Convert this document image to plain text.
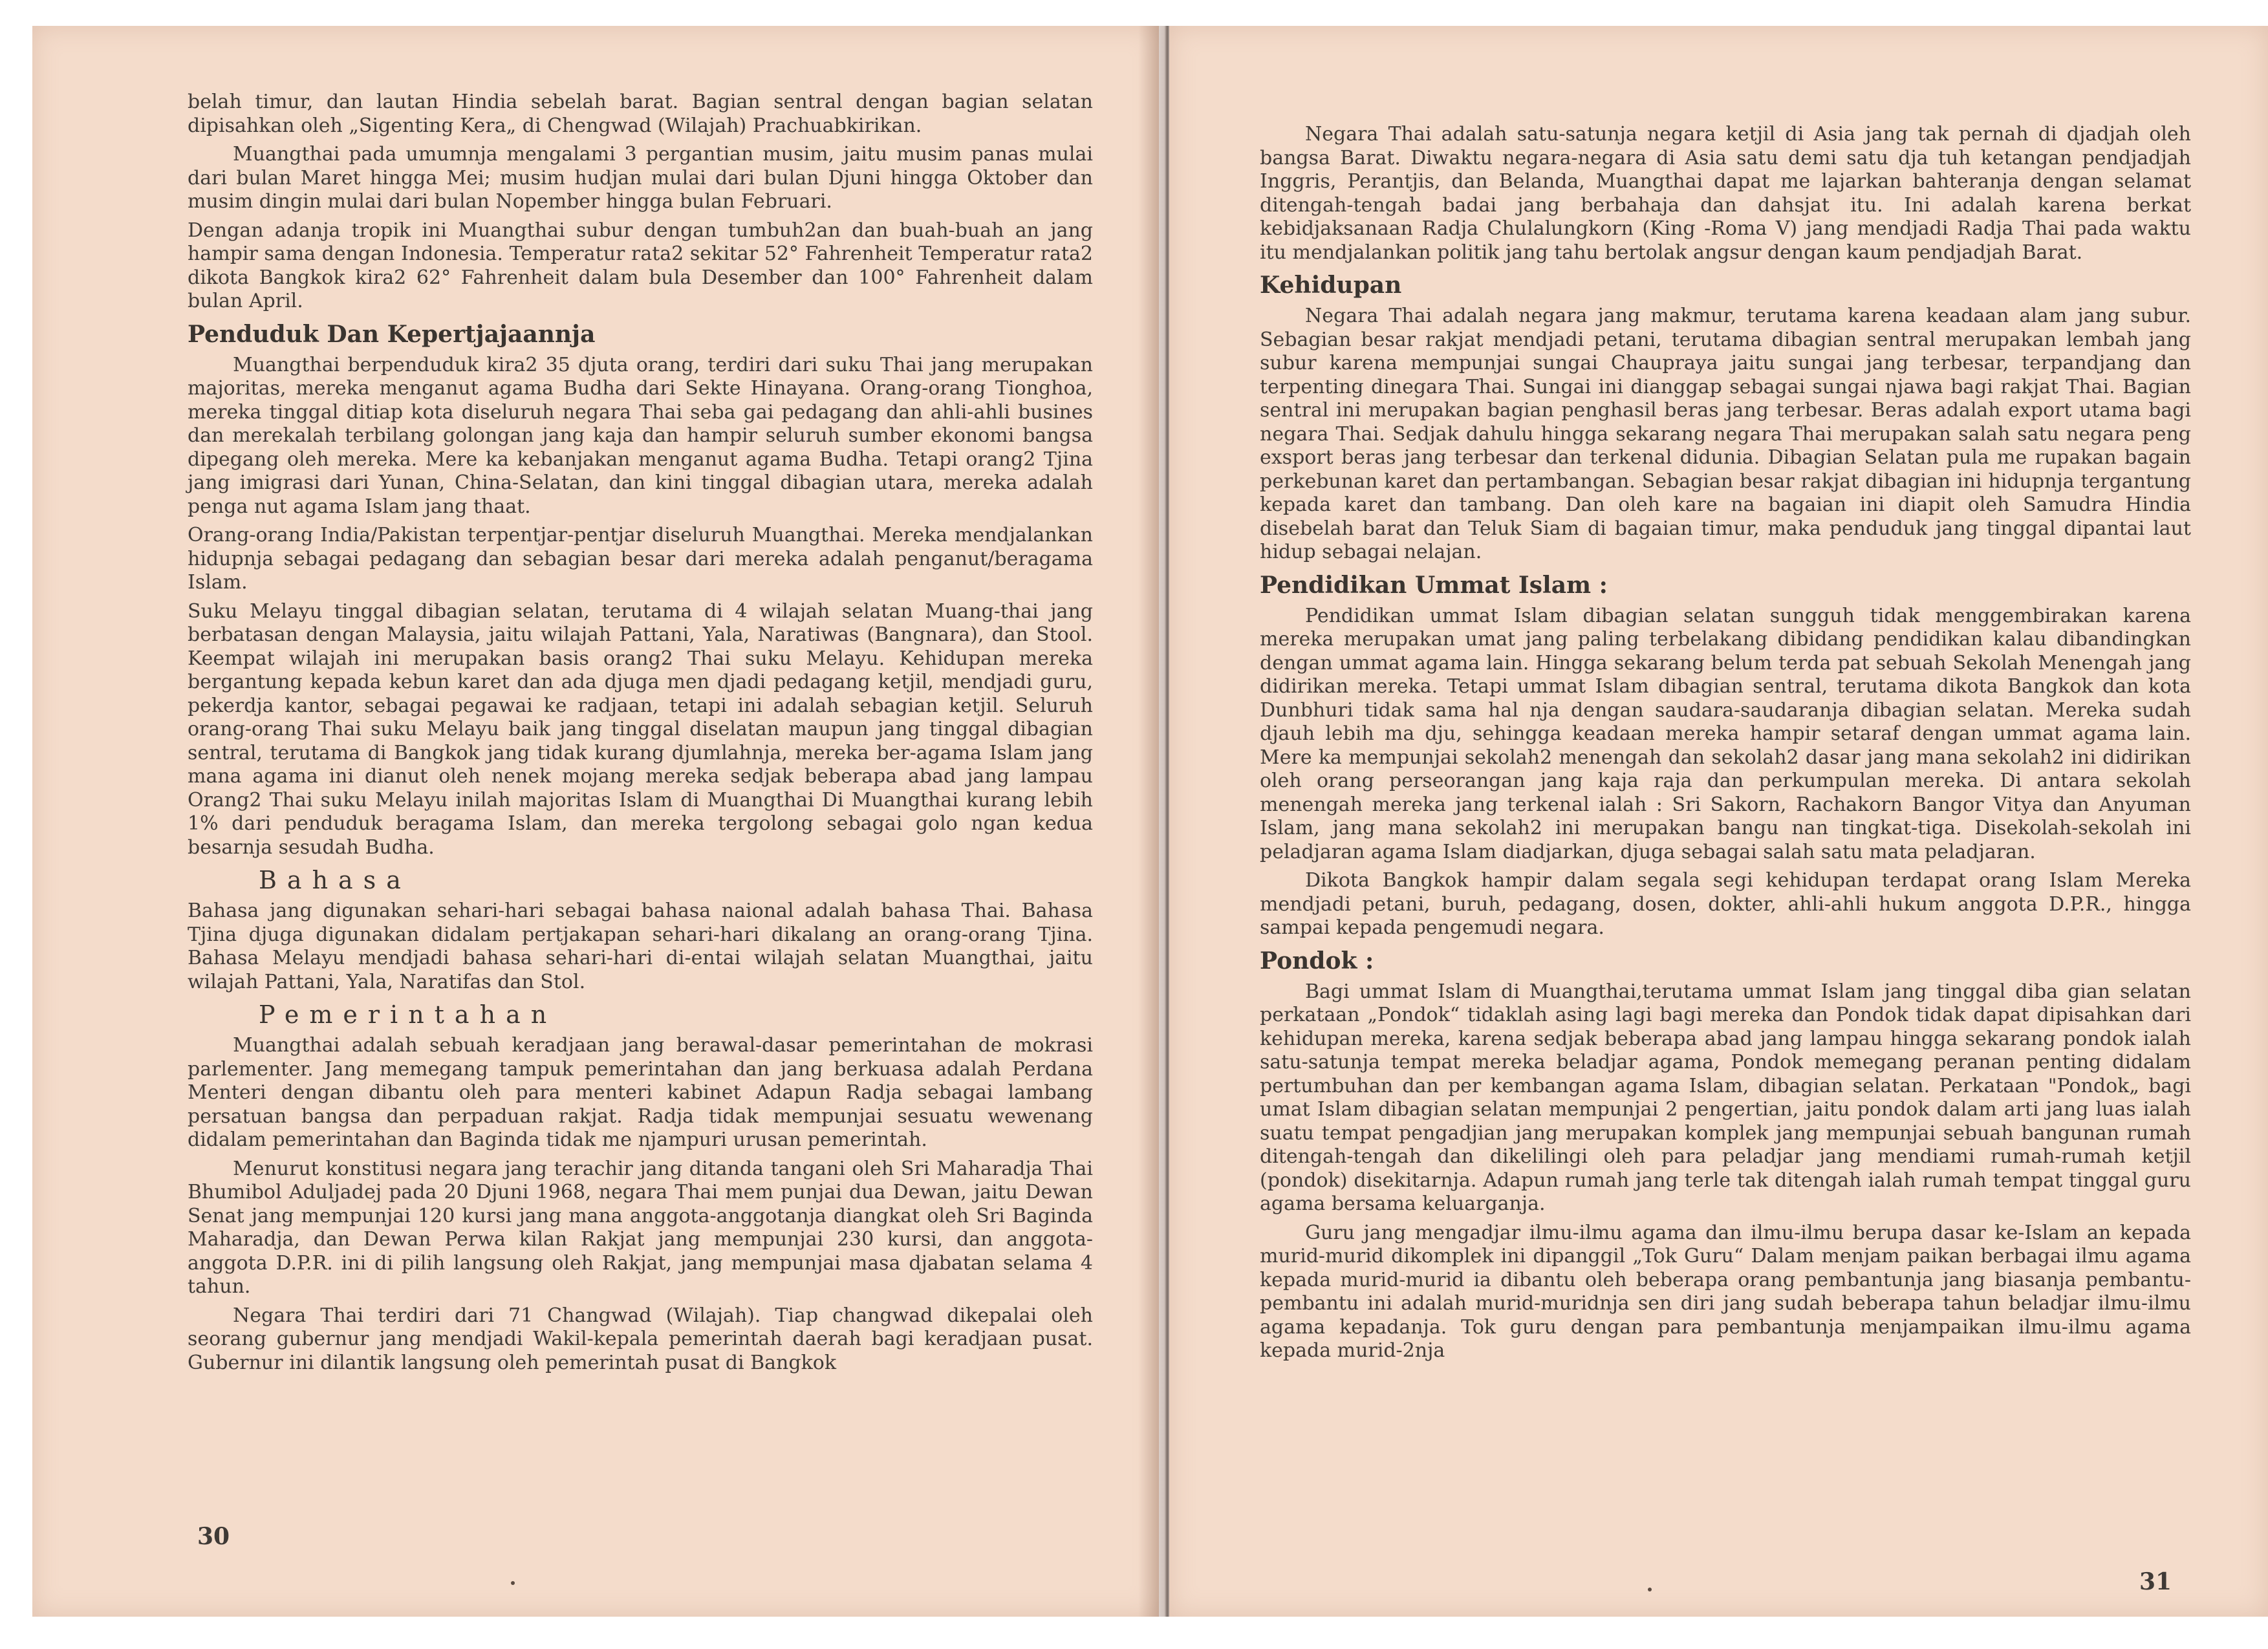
belah timur, dan lautan Hindia sebelah barat. Bagian sentral dengan bagian selatan dipisahkan oleh „Sigenting Kera„ di Chengwad (Wilajah) Prachuabkirikan.

Muangthai pada umumnja mengalami 3 pergantian musim, jaitu musim panas mulai dari bulan Maret hingga Mei; musim hudjan mulai dari bulan Djuni hingga Oktober dan musim dingin mulai dari bulan Nopember hingga bulan Februari.

Dengan adanja tropik ini Muangthai subur dengan tumbuh2an dan buah-buah an jang hampir sama dengan Indonesia. Temperatur rata2 sekitar 52° Fahrenheit Temperatur rata2 dikota Bangkok kira2 62° Fahrenheit dalam bula Desember dan 100° Fahrenheit dalam bulan April.

Penduduk Dan Kepertjajaannja

Muangthai berpenduduk kira2 35 djuta orang, terdiri dari suku Thai jang merupakan majoritas, mereka menganut agama Budha dari Sekte Hinayana. Orang-orang Tionghoa, mereka tinggal ditiap kota diseluruh negara Thai seba gai pedagang dan ahli-ahli busines dan merekalah terbilang golongan jang kaja dan hampir seluruh sumber ekonomi bangsa dipegang oleh mereka. Mere ka kebanjakan menganut agama Budha. Tetapi orang2 Tjina jang imigrasi dari Yunan, China-Selatan, dan kini tinggal dibagian utara, mereka adalah penga nut agama Islam jang thaat.

Orang-orang India/Pakistan terpentjar-pentjar diseluruh Muangthai. Mereka mendjalankan hidupnja sebagai pedagang dan sebagian besar dari mereka adalah penganut/beragama Islam.

Suku Melayu tinggal dibagian selatan, terutama di 4 wilajah selatan Muang-thai jang berbatasan dengan Malaysia, jaitu wilajah Pattani, Yala, Naratiwas (Bangnara), dan Stool. Keempat wilajah ini merupakan basis orang2 Thai suku Melayu. Kehidupan mereka bergantung kepada kebun karet dan ada djuga men djadi pedagang ketjil, mendjadi guru, pekerdja kantor, sebagai pegawai ke radjaan, tetapi ini adalah sebagian ketjil. Seluruh orang-orang Thai suku Melayu baik jang tinggal diselatan maupun jang tinggal dibagian sentral, terutama di Bangkok jang tidak kurang djumlahnja, mereka ber-agama Islam jang mana agama ini dianut oleh nenek mojang mereka sedjak beberapa abad jang lampau Orang2 Thai suku Melayu inilah majoritas Islam di Muangthai Di Muangthai kurang lebih 1% dari penduduk beragama Islam, dan mereka tergolong sebagai golo ngan kedua besarnja sesudah Budha.

Bahasa

Bahasa jang digunakan sehari-hari sebagai bahasa naional adalah bahasa Thai. Bahasa Tjina djuga digunakan didalam pertjakapan sehari-hari dikalang an orang-orang Tjina. Bahasa Melayu mendjadi bahasa sehari-hari di-entai wilajah selatan Muangthai, jaitu wilajah Pattani, Yala, Naratifas dan Stol.

Pemerintahan

Muangthai adalah sebuah keradjaan jang berawal-dasar pemerintahan de mokrasi parlementer. Jang memegang tampuk pemerintahan dan jang berkuasa adalah Perdana Menteri dengan dibantu oleh para menteri kabinet Adapun Radja sebagai lambang persatuan bangsa dan perpaduan rakjat. Radja tidak mempunjai sesuatu wewenang didalam pemerintahan dan Baginda tidak me njampuri urusan pemerintah.

Menurut konstitusi negara jang terachir jang ditanda tangani oleh Sri Maharadja Thai Bhumibol Aduljadej pada 20 Djuni 1968, negara Thai mem punjai dua Dewan, jaitu Dewan Senat jang mempunjai 120 kursi jang mana anggota-anggotanja diangkat oleh Sri Baginda Maharadja, dan Dewan Perwa kilan Rakjat jang mempunjai 230 kursi, dan anggota-anggota D.P.R. ini di pilih langsung oleh Rakjat, jang mempunjai masa djabatan selama 4 tahun.

Negara Thai terdiri dari 71 Changwad (Wilajah). Tiap changwad dikepalai oleh seorang gubernur jang mendjadi Wakil-kepala pemerintah daerah bagi keradjaan pusat. Gubernur ini dilantik langsung oleh pemerintah pusat di Bangkok

30

Negara Thai adalah satu-satunja negara ketjil di Asia jang tak pernah di djadjah oleh bangsa Barat. Diwaktu negara-negara di Asia satu demi satu dja tuh ketangan pendjadjah Inggris, Perantjis, dan Belanda, Muangthai dapat me lajarkan bahteranja dengan selamat ditengah-tengah badai jang berbahaja dan dahsjat itu. Ini adalah karena berkat kebidjaksanaan Radja Chulalungkorn (King -Roma V) jang mendjadi Radja Thai pada waktu itu mendjalankan politik jang tahu bertolak angsur dengan kaum pendjadjah Barat.

Kehidupan

Negara Thai adalah negara jang makmur, terutama karena keadaan alam jang subur. Sebagian besar rakjat mendjadi petani, terutama dibagian sentral merupakan lembah jang subur karena mempunjai sungai Chaupraya jaitu sungai jang terbesar, terpandjang dan terpenting dinegara Thai. Sungai ini dianggap sebagai sungai njawa bagi rakjat Thai. Bagian sentral ini merupakan bagian penghasil beras jang terbesar. Beras adalah export utama bagi negara Thai. Sedjak dahulu hingga sekarang negara Thai merupakan salah satu negara peng exsport beras jang terbesar dan terkenal didunia. Dibagian Selatan pula me rupakan bagain perkebunan karet dan pertambangan. Sebagian besar rakjat dibagian ini hidupnja tergantung kepada karet dan tambang. Dan oleh kare na bagaian ini diapit oleh Samudra Hindia disebelah barat dan Teluk Siam di bagaian timur, maka penduduk jang tinggal dipantai laut hidup sebagai nelajan.

Pendidikan Ummat Islam :

Pendidikan ummat Islam dibagian selatan sungguh tidak menggembirakan karena mereka merupakan umat jang paling terbelakang dibidang pendidikan kalau dibandingkan dengan ummat agama lain. Hingga sekarang belum terda pat sebuah Sekolah Menengah jang didirikan mereka. Tetapi ummat Islam dibagian sentral, terutama dikota Bangkok dan kota Dunbhuri tidak sama hal nja dengan saudara-saudaranja dibagian selatan. Mereka sudah djauh lebih ma dju, sehingga keadaan mereka hampir setaraf dengan ummat agama lain. Mere ka mempunjai sekolah2 menengah dan sekolah2 dasar jang mana sekolah2 ini didirikan oleh orang perseorangan jang kaja raja dan perkumpulan mereka. Di antara sekolah menengah mereka jang terkenal ialah : Sri Sakorn, Rachakorn Bangor Vitya dan Anyuman Islam, jang mana sekolah2 ini merupakan bangu nan tingkat-tiga. Disekolah-sekolah ini peladjaran agama Islam diadjarkan, djuga sebagai salah satu mata peladjaran.

Dikota Bangkok hampir dalam segala segi kehidupan terdapat orang Islam Mereka mendjadi petani, buruh, pedagang, dosen, dokter, ahli-ahli hukum anggota D.P.R., hingga sampai kepada pengemudi negara.

Pondok :

Bagi ummat Islam di Muangthai,terutama ummat Islam jang tinggal diba gian selatan perkataan „Pondok“ tidaklah asing lagi bagi mereka dan Pondok tidak dapat dipisahkan dari kehidupan mereka, karena sedjak beberapa abad jang lampau hingga sekarang pondok ialah satu-satunja tempat mereka beladjar agama, Pondok memegang peranan penting didalam pertumbuhan dan per kembangan agama Islam, dibagian selatan. Perkataan "Pondok„ bagi umat Islam dibagian selatan mempunjai 2 pengertian, jaitu pondok dalam arti jang luas ialah suatu tempat pengadjian jang merupakan komplek jang mempunjai sebuah bangunan rumah ditengah-tengah dan dikelilingi oleh para peladjar jang mendiami rumah-rumah ketjil (pondok) disekitarnja. Adapun rumah jang terle tak ditengah ialah rumah tempat tinggal guru agama bersama keluarganja.

Guru jang mengadjar ilmu-ilmu agama dan ilmu-ilmu berupa dasar ke-Islam an kepada murid-murid dikomplek ini dipanggil „Tok Guru“ Dalam menjam paikan berbagai ilmu agama kepada murid-murid ia dibantu oleh beberapa orang pembantunja jang biasanja pembantu-pembantu ini adalah murid-muridnja sen diri jang sudah beberapa tahun beladjar ilmu-ilmu agama kepadanja. Tok guru dengan para pembantunja menjampaikan ilmu-ilmu agama kepada murid-2nja

31
